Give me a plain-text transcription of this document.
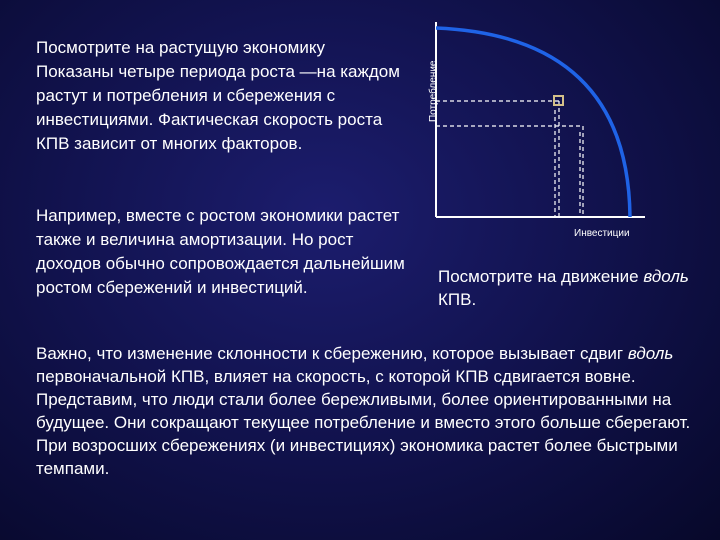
Посмотрите на растущую экономику

Показаны четыре периода роста —на каждом растут и потребления и сбережения с инвестициями. Фактическая скорость роста КПВ зависит от многих факторов.

Например, вместе с ростом экономики растет также и величина амортизации. Но рост доходов обычно сопровождается дальнейшим ростом сбережений и инвестиций.

Потребление
Инвестиции
Посмотрите на движение вдоль КПВ.

Важно, что изменение склонности к сбережению, которое вызывает сдвиг вдоль первоначальной КПВ, влияет на скорость, с которой КПВ сдвигается вовне.

Представим, что люди стали более бережливыми, более ориентированными на будущее. Они сокращают текущее потребление и вместо этого больше сберегают.

При возросших сбережениях (и инвестициях) экономика растет более быстрыми темпами.
